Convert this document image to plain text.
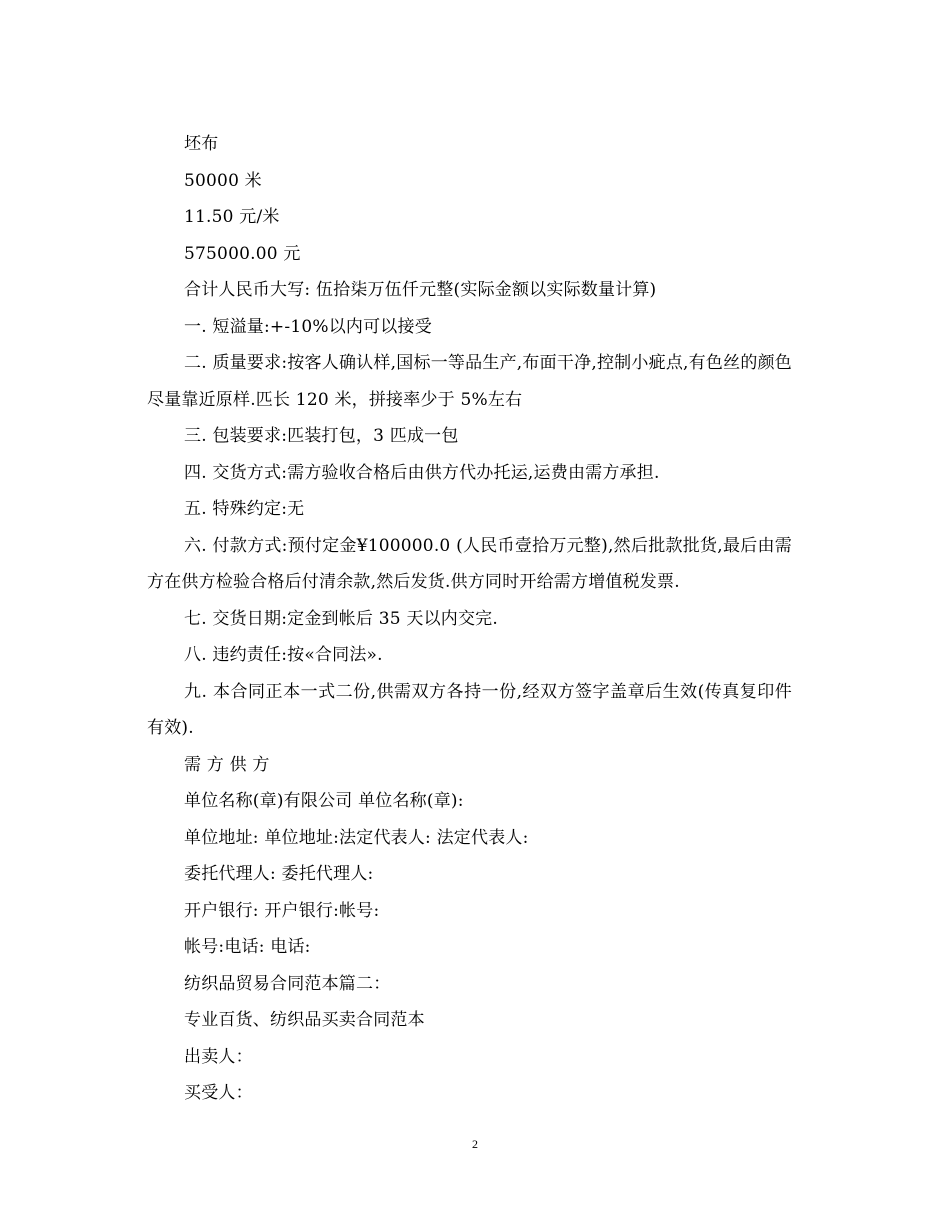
坯布
50000 米
11.50 元/米
575000.00 元
合计人民币大写: 伍拾柒万伍仟元整(实际金额以实际数量计算)
一. 短溢量:+-10%以内可以接受
二. 质量要求:按客人确认样,国标一等品生产,布面干净,控制小疵点,有色丝的颜色尽量靠近原样.匹长 120 米，拼接率少于 5%左右
三. 包装要求:匹装打包，3 匹成一包
四. 交货方式:需方验收合格后由供方代办托运,运费由需方承担.
五. 特殊约定:无
六. 付款方式:预付定金¥100000.0 (人民币壹拾万元整),然后批款批货,最后由需方在供方检验合格后付清余款,然后发货.供方同时开给需方增值税发票.
七. 交货日期:定金到帐后 35 天以内交完.
八. 违约责任:按«合同法».
九. 本合同正本一式二份,供需双方各持一份,经双方签字盖章后生效(传真复印件有效).
需 方 供 方
单位名称(章)有限公司 单位名称(章):
单位地址: 单位地址:法定代表人: 法定代表人:
委托代理人: 委托代理人:
开户银行: 开户银行:帐号:
帐号:电话: 电话:
纺织品贸易合同范本篇二：
专业百货、纺织品买卖合同范本
出卖人：
买受人：
2
